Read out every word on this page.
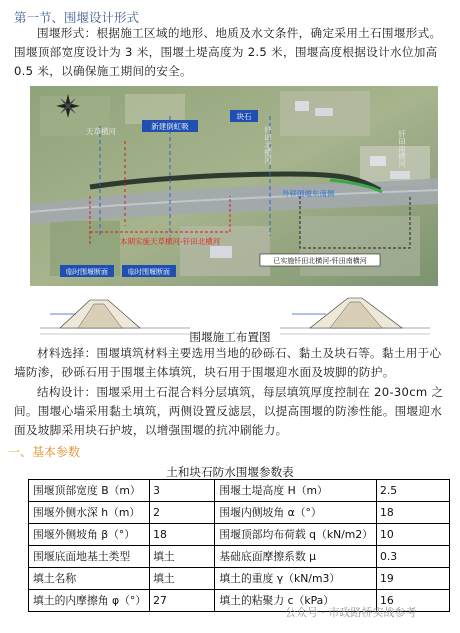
第一节、围堰设计形式
围堰形式：根据施工区域的地形、地质及水文条件，确定采用土石围堰形式。围堰顶部宽度设计为 3 米，围堰土堤高度为 2.5 米，围堰高度根据设计水位加高 0.5 米，以确保施工期间的安全。
新建倒虹吸
块石
天草横河	钎田北横河	钎田南横河
外移围堰东南侧
本期实施天草横河-钎田北横河
已实施钎田北横河-钎田南横河
临时围堰断面	临时围堰断面
围堰施工布置图
材料选择：围堰填筑材料主要选用当地的砂砾石、黏土及块石等。黏土用于心墙防渗，砂砾石用于围堰主体填筑，块石用于围堰迎水面及坡脚的防护。
结构设计：围堰采用土石混合料分层填筑，每层填筑厚度控制在 20-30cm 之间。围堰心墙采用黏土填筑，两侧设置反滤层，以提高围堰的防渗性能。围堰迎水面及坡脚采用块石护坡，以增强围堰的抗冲刷能力。
一、基本参数
土和块石防水围堰参数表
围堰顶部宽度 B（m）	3	围堰土堤高度 H（m）	2.5
围堰外侧水深 h（m）	2	围堰内侧坡角 α（°）	18
围堰外侧坡角 β（°）	18	围堰顶部均布荷载 q（kN/m2）	10
围堰底面地基土类型	填土	基础底面摩擦系数 μ	0.3
填土名称	填土	填土的重度 γ（kN/m3）	19
填土的内摩擦角 φ（°）	27	填土的粘聚力 c（kPa）	16
公众号 · 市政路桥实战参考
